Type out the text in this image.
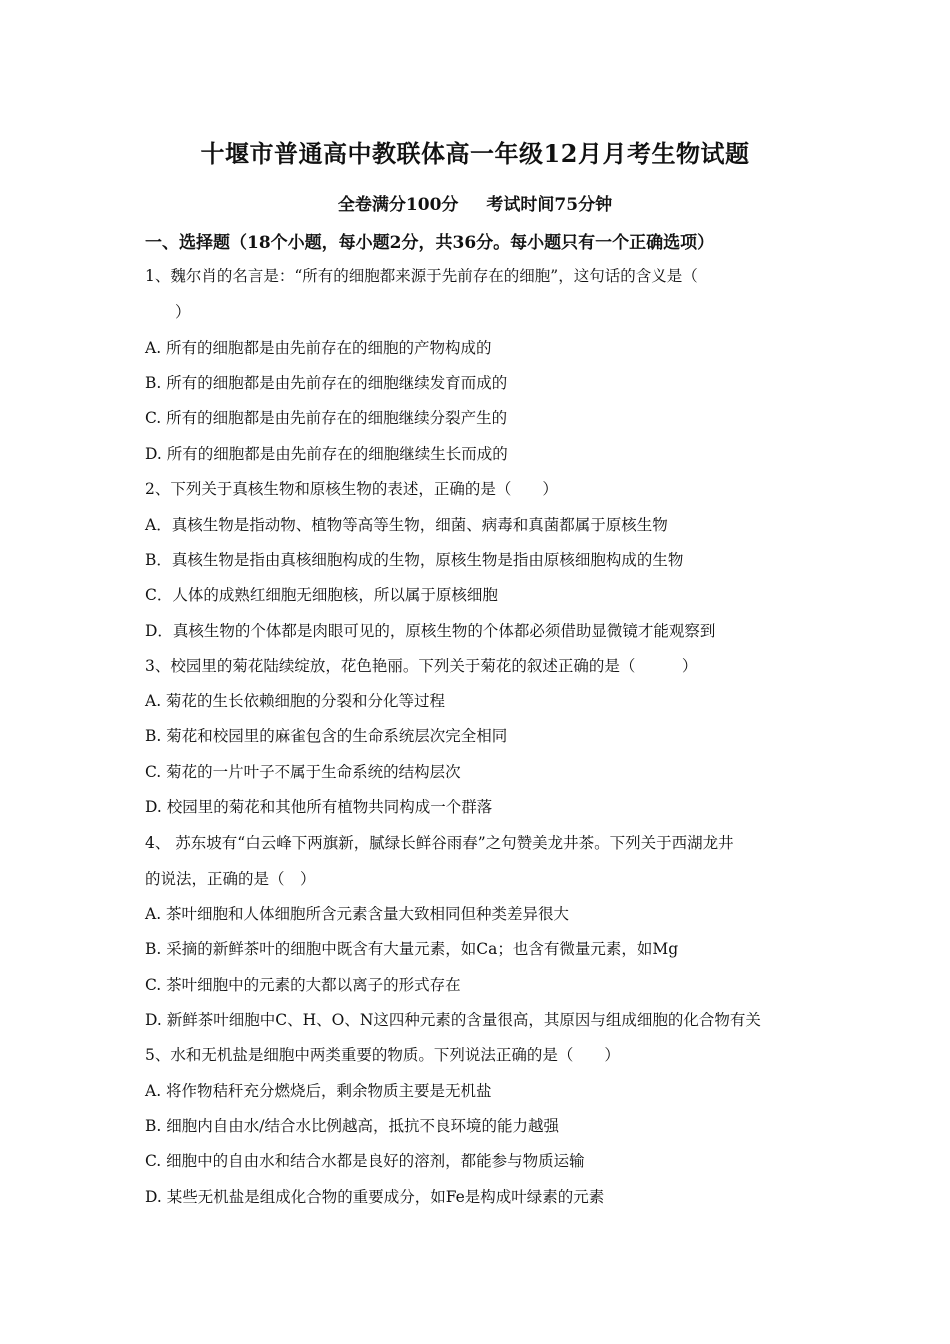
十堰市普通高中教联体高一年级12月月考生物试题
全卷满分100分 考试时间75分钟
一、选择题（18个小题，每小题2分，共36分。每小题只有一个正确选项）
1、魏尔肖的名言是：“所有的细胞都来源于先前存在的细胞”，这句话的含义是（
）
A. 所有的细胞都是由先前存在的细胞的产物构成的
B. 所有的细胞都是由先前存在的细胞继续发育而成的
C. 所有的细胞都是由先前存在的细胞继续分裂产生的
D. 所有的细胞都是由先前存在的细胞继续生长而成的
2、下列关于真核生物和原核生物的表述，正确的是（　　）
A．真核生物是指动物、植物等高等生物，细菌、病毒和真菌都属于原核生物
B．真核生物是指由真核细胞构成的生物，原核生物是指由原核细胞构成的生物
C．人体的成熟红细胞无细胞核，所以属于原核细胞
D．真核生物的个体都是肉眼可见的，原核生物的个体都必须借助显微镜才能观察到
3、校园里的菊花陆续绽放，花色艳丽。下列关于菊花的叙述正确的是（　　　）
A. 菊花的生长依赖细胞的分裂和分化等过程
B. 菊花和校园里的麻雀包含的生命系统层次完全相同
C. 菊花的一片叶子不属于生命系统的结构层次
D. 校园里的菊花和其他所有植物共同构成一个群落
4、 苏东坡有“白云峰下两旗新，腻绿长鲜谷雨春”之句赞美龙井茶。下列关于西湖龙井
的说法，正确的是（　）
A. 茶叶细胞和人体细胞所含元素含量大致相同但种类差异很大
B. 采摘的新鲜茶叶的细胞中既含有大量元素，如Ca；也含有微量元素，如Mg
C. 茶叶细胞中的元素的大都以离子的形式存在
D. 新鲜茶叶细胞中C、H、O、N这四种元素的含量很高，其原因与组成细胞的化合物有关
5、水和无机盐是细胞中两类重要的物质。下列说法正确的是（　　）
A. 将作物秸秆充分燃烧后，剩余物质主要是无机盐
B. 细胞内自由水/结合水比例越高，抵抗不良环境的能力越强
C. 细胞中的自由水和结合水都是良好的溶剂，都能参与物质运输
D. 某些无机盐是组成化合物的重要成分，如Fe是构成叶绿素的元素
